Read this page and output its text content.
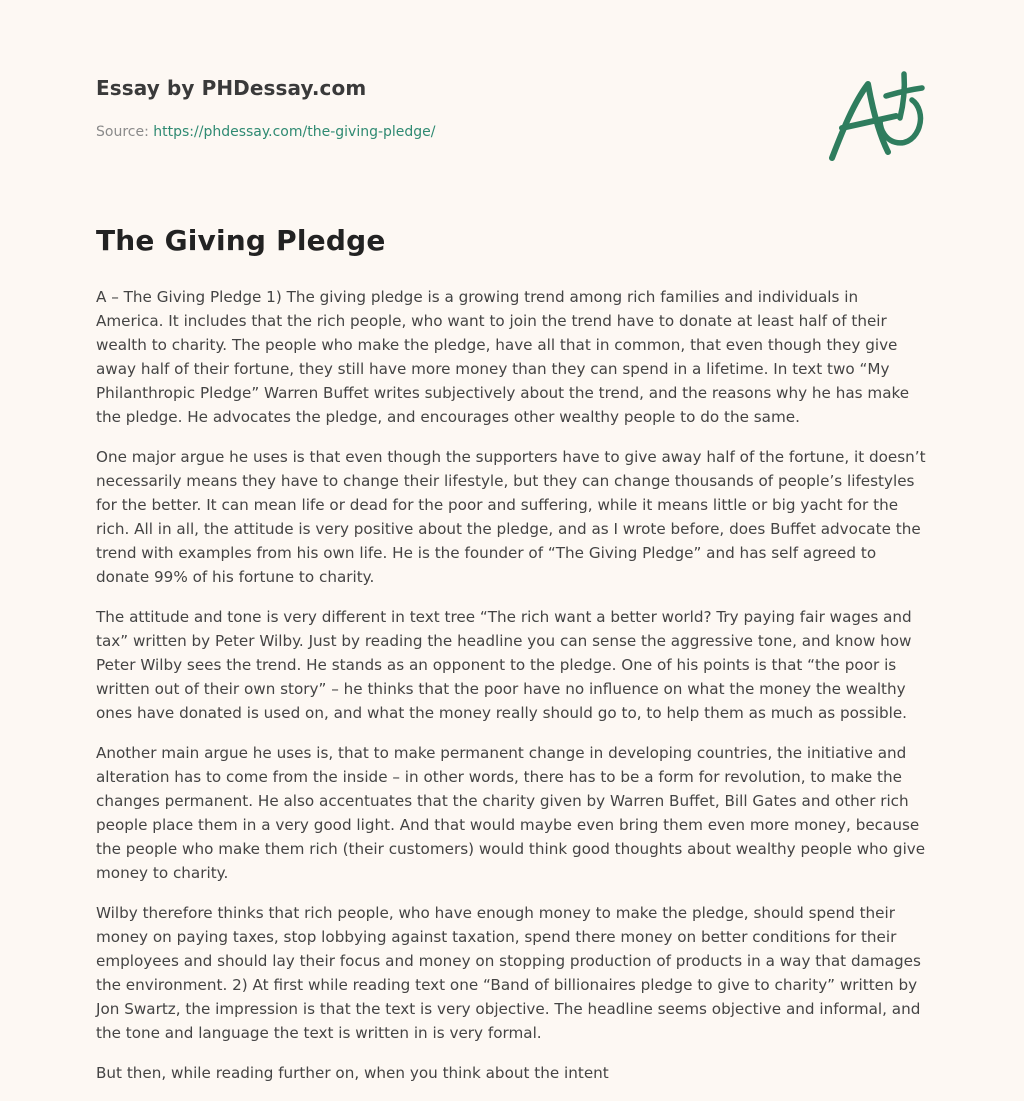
Essay by PHDessay.com
Source: https://phdessay.com/the-giving-pledge/
The Giving Pledge

A – The Giving Pledge 1) The giving pledge is a growing trend among rich families and individuals in America. It includes that the rich people, who want to join the trend have to donate at least half of their wealth to charity. The people who make the pledge, have all that in common, that even though they give away half of their fortune, they still have more money than they can spend in a lifetime. In text two “My Philanthropic Pledge” Warren Buffet writes subjectively about the trend, and the reasons why he has make the pledge. He advocates the pledge, and encourages other wealthy people to do the same.

One major argue he uses is that even though the supporters have to give away half of the fortune, it doesn’t necessarily means they have to change their lifestyle, but they can change thousands of people’s lifestyles for the better. It can mean life or dead for the poor and suffering, while it means little or big yacht for the rich. All in all, the attitude is very positive about the pledge, and as I wrote before, does Buffet advocate the trend with examples from his own life. He is the founder of “The Giving Pledge” and has self agreed to donate 99% of his fortune to charity.

The attitude and tone is very different in text tree “The rich want a better world? Try paying fair wages and tax” written by Peter Wilby. Just by reading the headline you can sense the aggressive tone, and know how Peter Wilby sees the trend. He stands as an opponent to the pledge. One of his points is that “the poor is written out of their own story” – he thinks that the poor have no influence on what the money the wealthy ones have donated is used on, and what the money really should go to, to help them as much as possible.

Another main argue he uses is, that to make permanent change in developing countries, the initiative and alteration has to come from the inside – in other words, there has to be a form for revolution, to make the changes permanent. He also accentuates that the charity given by Warren Buffet, Bill Gates and other rich people place them in a very good light. And that would maybe even bring them even more money, because the people who make them rich (their customers) would think good thoughts about wealthy people who give money to charity.

Wilby therefore thinks that rich people, who have enough money to make the pledge, should spend their money on paying taxes, stop lobbying against taxation, spend there money on better conditions for their employees and should lay their focus and money on stopping production of products in a way that damages the environment. 2) At first while reading text one “Band of billionaires pledge to give to charity” written by Jon Swartz, the impression is that the text is very objective. The headline seems objective and informal, and the tone and language the text is written in is very formal.

But then, while reading further on, when you think about the intent
